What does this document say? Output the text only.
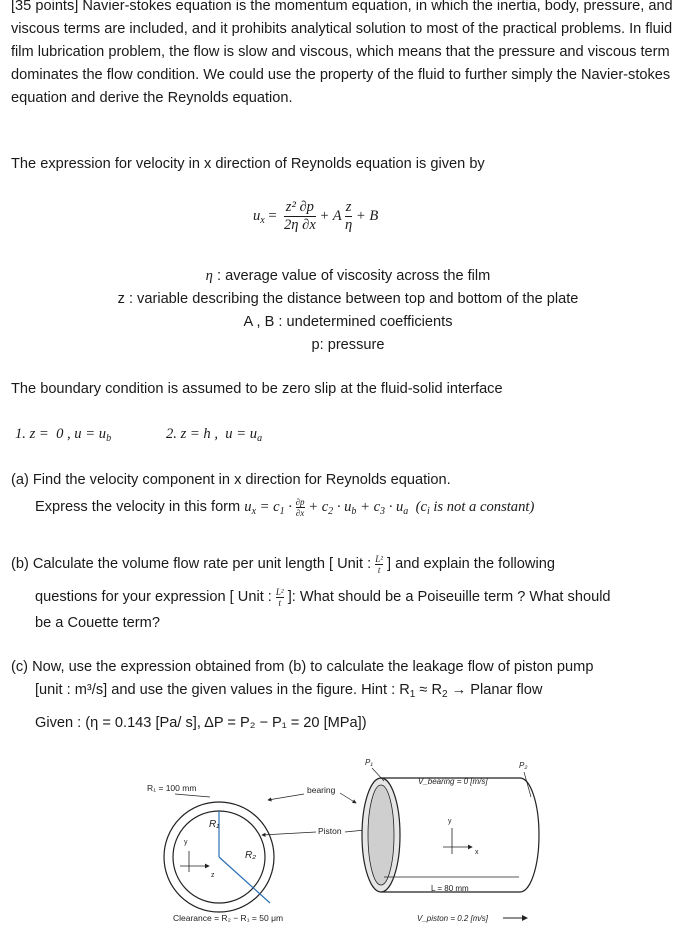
[35 points] Navier-stokes equation is the momentum equation, in which the inertia, body, pressure, and viscous terms are included, and it prohibits analytical solution to most of the practical problems. In fluid film lubrication problem, the flow is slow and viscous, which means that the pressure and viscous term dominates the flow condition. We could use the property of the fluid to further simply the Navier-stokes equation and derive the Reynolds equation.

The expression for velocity in x direction of Reynolds equation is given by

$u_x = \frac{\text{z² ∂p}}{2\eta \partial x} + A \frac{z}{\eta} + B$
η : average value of viscosity across the film
z : variable describing the distance between top and bottom of the plate
A , B : undetermined coefficients
p: pressure

The boundary condition is assumed to be zero slip at the fluid-solid interface

1. z =  0 , $u = u_b$	2. z = h ,  $u = u_a$

(a) Find the velocity component in x direction for Reynolds equation.

Express the velocity in this form $u_x = c_1 \cdot \frac{\partial p}{\partial x} + c_2 \cdot u_b + c_3 \cdot u_a$  ($c_i$ is not a constant)
(b) Calculate the volume flow rate per unit length [ Unit : $\frac{\text{L²}}{t}$ ] and explain the following
questions for your expression [ Unit : $\frac{\text{L²}}{t}$ ]: What should be a Poiseuille term ? What should
be a Couette term?

(c) Now, use the expression obtained from (b) to calculate the leakage flow of piston pump

[unit : m³/s] and use the given values in the figure. Hint : $R_1 \approx R_2$ → Planar flow
Given : (η = 0.143 [Pa/ s], ΔP = P₂ − P₁ = 20 [MPa])
R₁ = 100 mm
R₁
R₂
y
z
Clearance = R₂ − R₁ = 50 μm
bearing
Piston
P₁	P₂
V_bearing = 0 [m/s]
y
x
L = 80 mm
V_piston = 0.2 [m/s]
